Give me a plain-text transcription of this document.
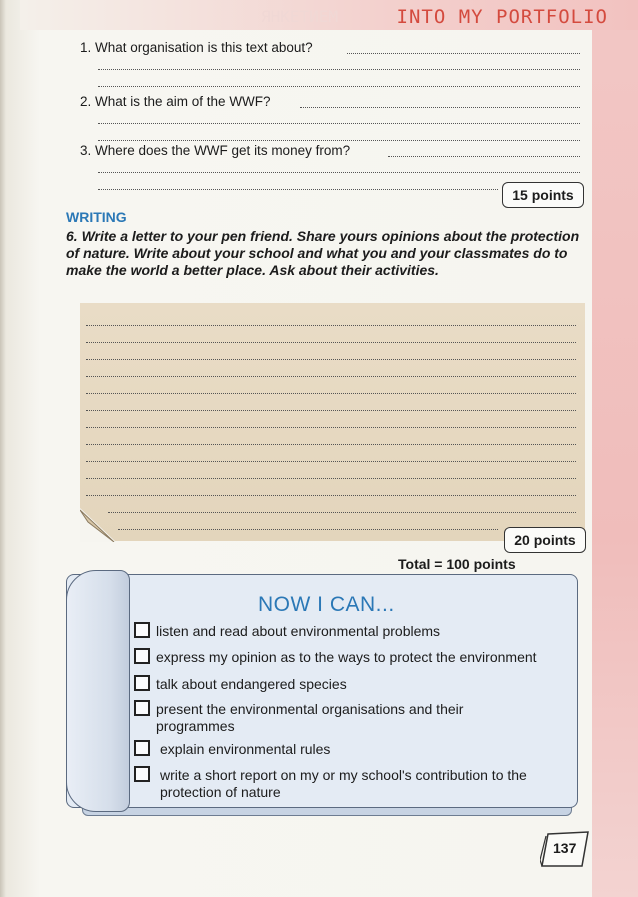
ЯНКЕТИЕМ	INTO MY PORTFOLIO
1. What organisation is this text about?
2. What is the aim of the WWF?
3. Where does the WWF get its money from?
15 points
WRITING
6. Write a letter to your pen friend. Share yours opinions about the protection of nature. Write about your school and what you and your classmates do to make the world a better place. Ask about their activities.
20 points
Total = 100 points
NOW I CAN...
listen and read about environmental problems
express my opinion as to the ways to protect the environment
talk about endangered species
present the environmental organisations and their programmes
explain environmental rules
write a short report on my or my school's contribution to the protection of nature
137
